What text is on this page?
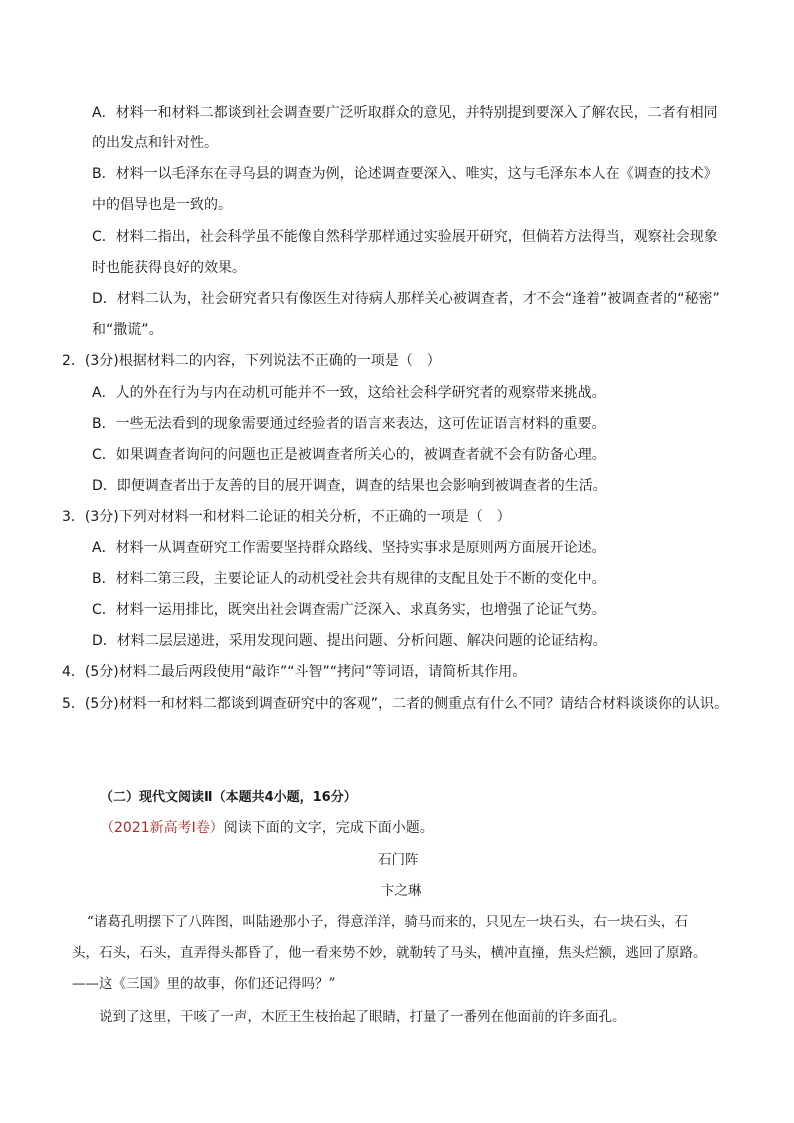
A．材料一和材料二都谈到社会调查要广泛听取群众的意见，并特别提到要深入了解农民，二者有相同
的出发点和针对性。
B．材料一以毛泽东在寻乌县的调查为例，论述调查要深入、唯实，这与毛泽东本人在《调查的技术》
中的倡导也是一致的。
C．材料二指出，社会科学虽不能像自然科学那样通过实验展开研究，但倘若方法得当，观察社会现象
时也能获得良好的效果。
D．材料二认为，社会研究者只有像医生对待病人那样关心被调查者，才不会“逢着”被调查者的“秘密”
和“撒谎”。
2．(3分)根据材料二的内容，下列说法不正确的一项是（　）
A．人的外在行为与内在动机可能并不一致，这给社会科学研究者的观察带来挑战。
B．一些无法看到的现象需要通过经验者的语言来表达，这可佐证语言材料的重要。
C．如果调查者询问的问题也正是被调查者所关心的，被调查者就不会有防备心理。
D．即便调查者出于友善的目的展开调查，调查的结果也会影响到被调查者的生活。
3．(3分)下列对材料一和材料二论证的相关分析，不正确的一项是（　）
A．材料一从调查研究工作需要坚持群众路线、坚持实事求是原则两方面展开论述。
B．材料二第三段，主要论证人的动机受社会共有规律的支配且处于不断的变化中。
C．材料一运用排比，既突出社会调查需广泛深入、求真务实，也增强了论证气势。
D．材料二层层递进，采用发现问题、提出问题、分析问题、解决问题的论证结构。
4．(5分)材料二最后两段使用“敲诈”“斗智”“拷问”等词语，请简析其作用。
5．(5分)材料一和材料二都谈到调查研究中的客观”，二者的侧重点有什么不同？请结合材料谈谈你的认识。
（二）现代文阅读Ⅱ（本题共4小题，16分）
（2021新高考Ⅰ卷）阅读下面的文字，完成下面小题。
石门阵
卞之琳
“诸葛孔明摆下了八阵图，叫陆逊那小子，得意洋洋，骑马而来的，只见左一块石头，右一块石头，石
头，石头，石头，直弄得头都昏了，他一看来势不妙，就勒转了马头，横冲直撞，焦头烂额，逃回了原路。
——这《三国》里的故事，你们还记得吗？”
说到了这里，干咳了一声，木匠王生枝抬起了眼睛，打量了一番列在他面前的许多面孔。
